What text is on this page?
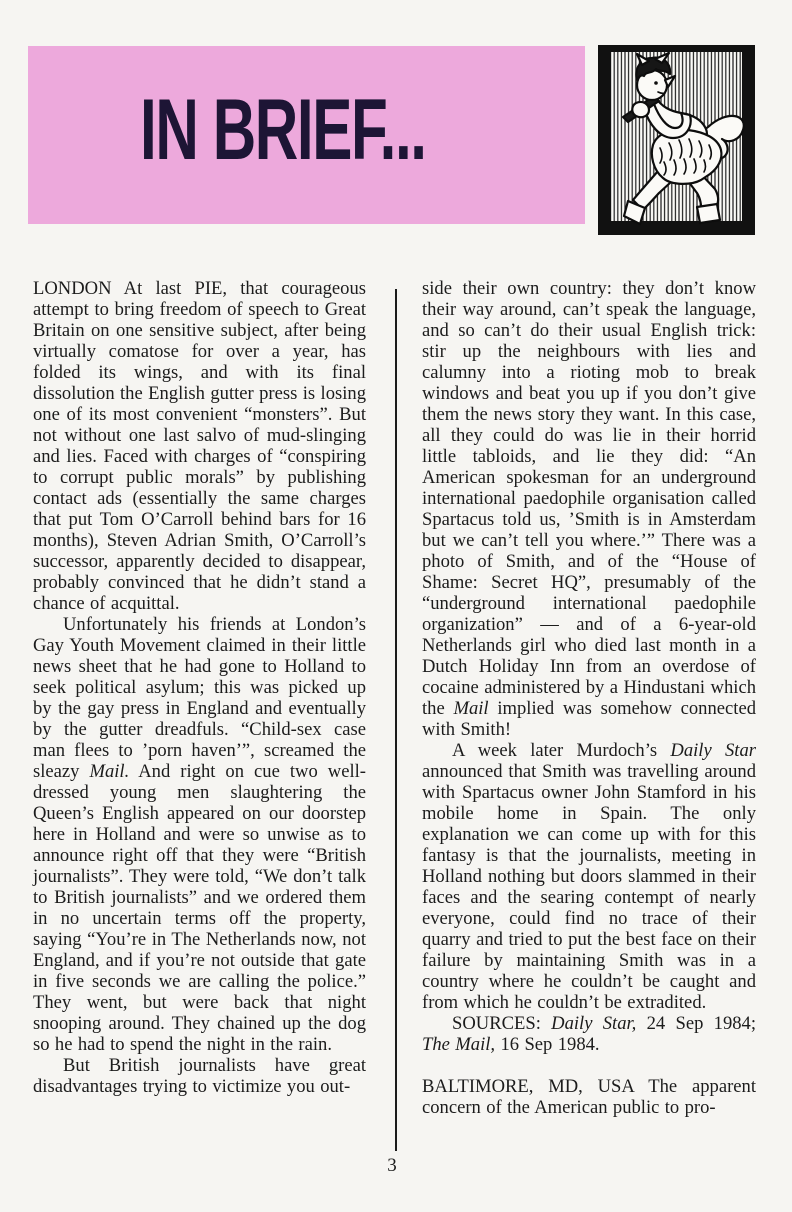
IN BRIEF...

LONDON At last PIE, that courageous attempt to bring freedom of speech to Great Britain on one sensitive subject, after being virtually comatose for over a year, has folded its wings, and with its final dissolution the English gutter press is losing one of its most convenient “monsters”. But not without one last salvo of mud-slinging and lies. Faced with charges of “conspiring to corrupt public morals” by publishing contact ads (essentially the same charges that put Tom O’Carroll behind bars for 16 months), Steven Adrian Smith, O’Carroll’s successor, apparently decided to disappear, probably convinced that he didn’t stand a chance of acquittal.

Unfortunately his friends at London’s Gay Youth Movement claimed in their little news sheet that he had gone to Holland to seek political asylum; this was picked up by the gay press in England and eventually by the gutter dreadfuls. “Child-sex case man flees to ’porn haven’”, screamed the sleazy Mail. And right on cue two well-dressed young men slaughtering the Queen’s English appeared on our doorstep here in Holland and were so unwise as to announce right off that they were “British journalists”. They were told, “We don’t talk to British journalists” and we ordered them in no uncertain terms off the property, saying “You’re in The Netherlands now, not England, and if you’re not outside that gate in five seconds we are calling the police.” They went, but were back that night snooping around. They chained up the dog so he had to spend the night in the rain.

But British journalists have great disadvantages trying to victimize you out-

side their own country: they don’t know their way around, can’t speak the language, and so can’t do their usual English trick: stir up the neighbours with lies and calumny into a rioting mob to break windows and beat you up if you don’t give them the news story they want. In this case, all they could do was lie in their horrid little tabloids, and lie they did: “An American spokesman for an underground international paedophile organisation called Spartacus told us, ’Smith is in Amsterdam but we can’t tell you where.’” There was a photo of Smith, and of the “House of Shame: Secret HQ”, presumably of the “underground international paedophile organization” — and of a 6-year-old Netherlands girl who died last month in a Dutch Holiday Inn from an overdose of cocaine administered by a Hindustani which the Mail implied was somehow connected with Smith!

A week later Murdoch’s Daily Star announced that Smith was travelling around with Spartacus owner John Stamford in his mobile home in Spain. The only explanation we can come up with for this fantasy is that the journalists, meeting in Holland nothing but doors slammed in their faces and the searing contempt of nearly everyone, could find no trace of their quarry and tried to put the best face on their failure by maintaining Smith was in a country where he couldn’t be caught and from which he couldn’t be extradited.

SOURCES: Daily Star, 24 Sep 1984; The Mail, 16 Sep 1984.

BALTIMORE, MD, USA The apparent concern of the American public to pro-

3
